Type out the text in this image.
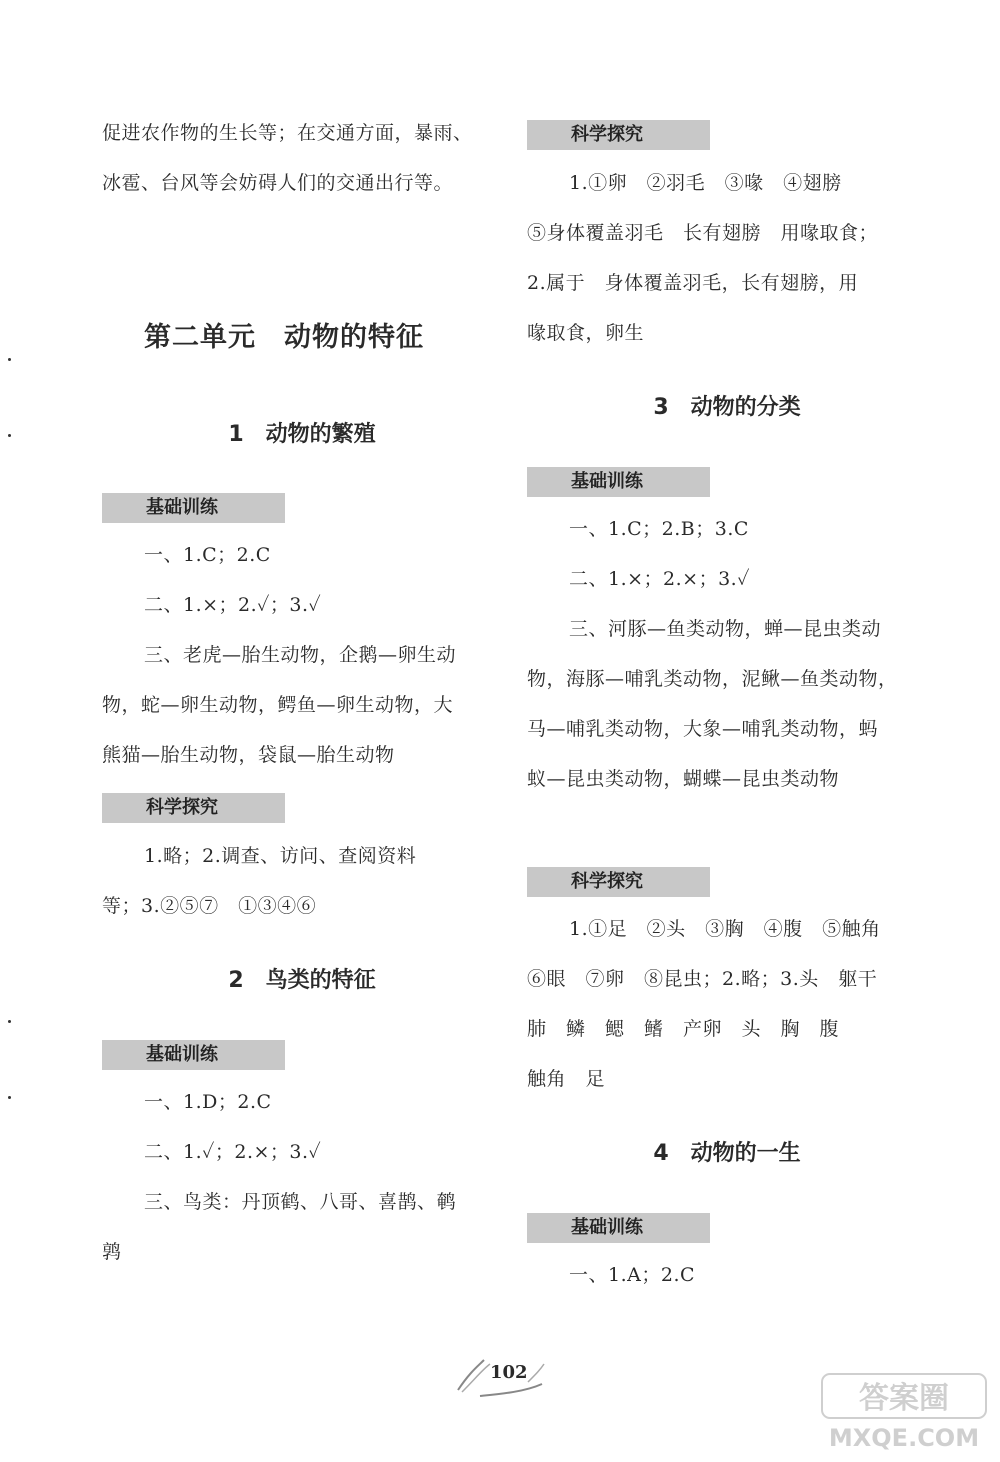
促进农作物的生长等；在交通方面，暴雨、
冰雹、台风等会妨碍人们的交通出行等。
第二单元　动物的特征
1　动物的繁殖
基础训练
一、1.C；2.C
二、1.×；2.✓；3.✓
三、老虎—胎生动物，企鹅—卵生动
物，蛇—卵生动物，鳄鱼—卵生动物，大
熊猫—胎生动物，袋鼠—胎生动物
科学探究
1.略；2.调查、访问、查阅资料
等；3.②⑤⑦　①③④⑥
2　鸟类的特征
基础训练
一、1.D；2.C
二、1.✓；2.×；3.✓
三、鸟类：丹顶鹤、八哥、喜鹊、鹌
鹑
科学探究
1.①卵　②羽毛　③喙　④翅膀
⑤身体覆盖羽毛　长有翅膀　用喙取食；
2.属于　身体覆盖羽毛，长有翅膀，用
喙取食，卵生
3　动物的分类
基础训练
一、1.C；2.B；3.C
二、1.×；2.×；3.✓
三、河豚—鱼类动物，蝉—昆虫类动
物，海豚—哺乳类动物，泥鳅—鱼类动物，
马—哺乳类动物，大象—哺乳类动物，蚂
蚁—昆虫类动物，蝴蝶—昆虫类动物
科学探究
1.①足　②头　③胸　④腹　⑤触角
⑥眼　⑦卵　⑧昆虫；2.略；3.头　躯干
肺　鳞　鳃　鳍　产卵　头　胸　腹
触角　足
4　动物的一生
基础训练
一、1.A；2.C
102
答案圈
MXQE.COM
